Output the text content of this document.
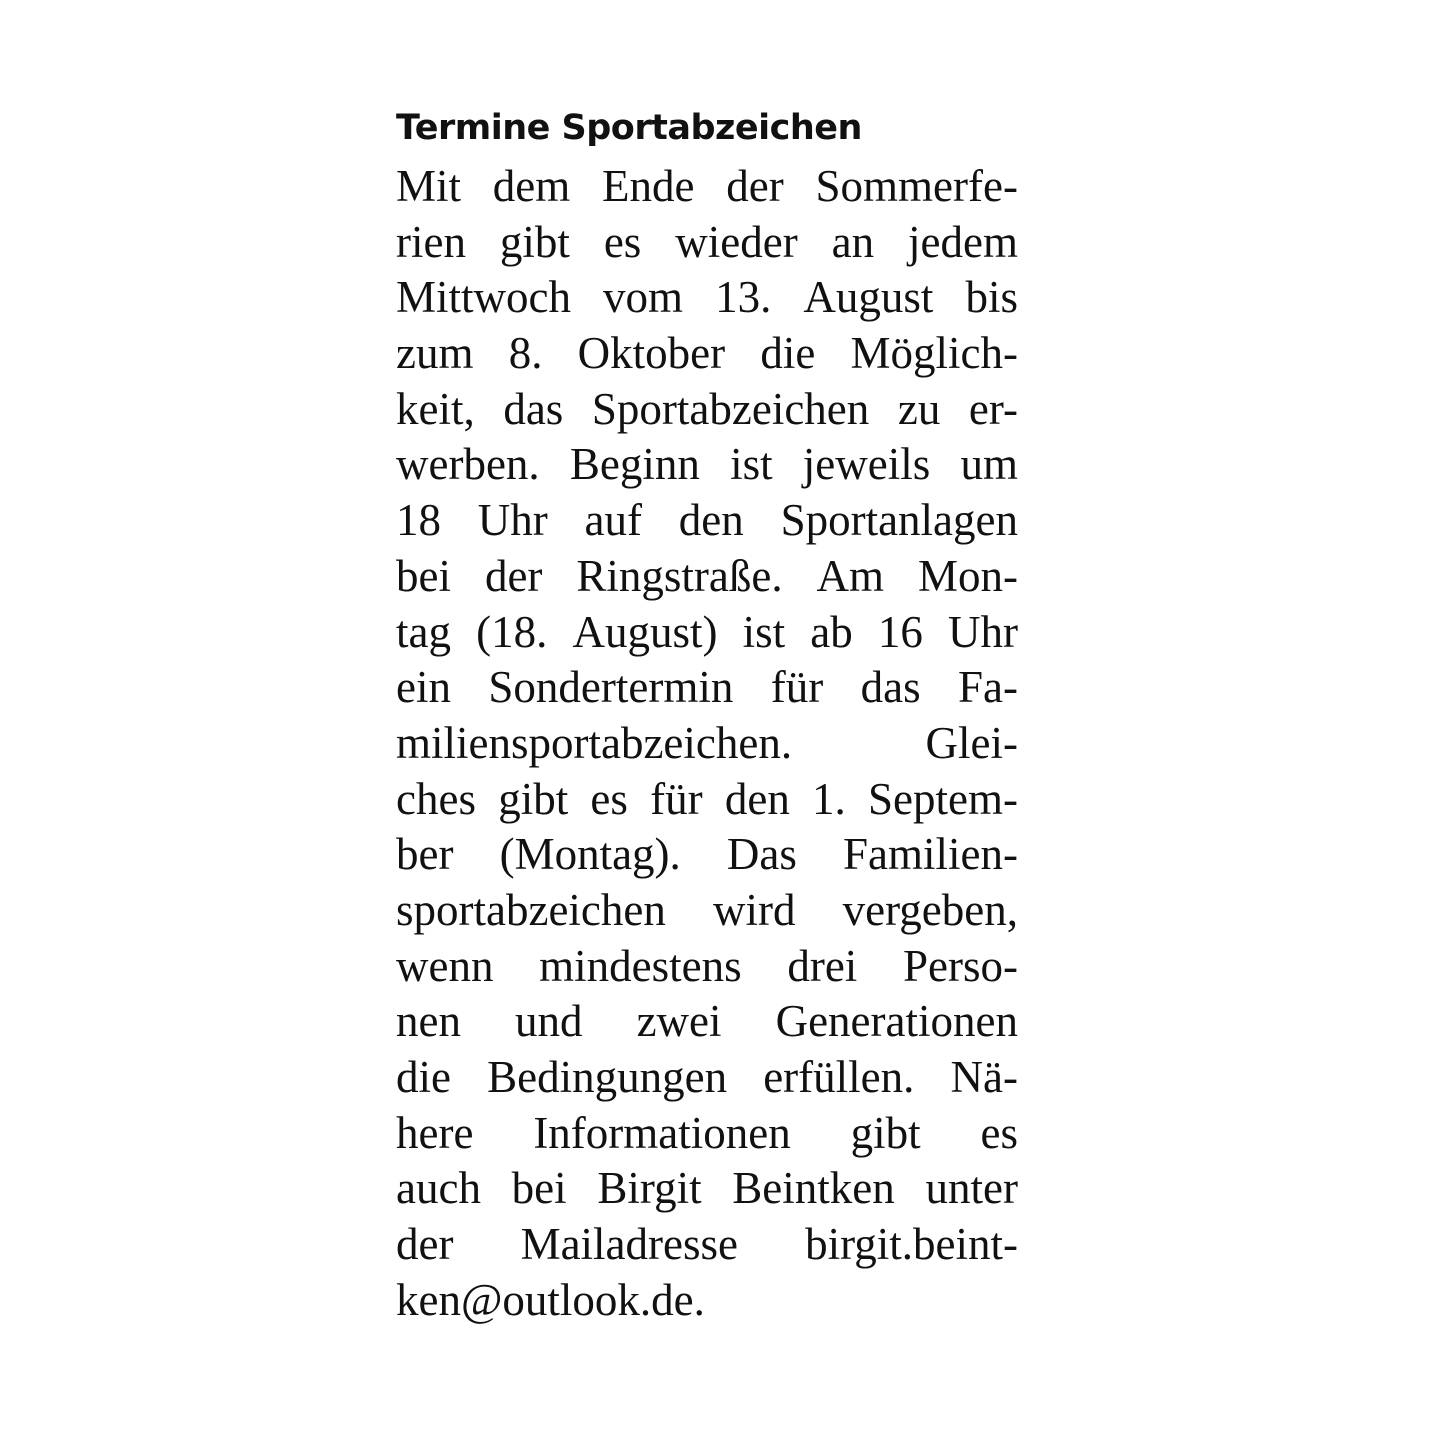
Termine Sportabzeichen
Mit dem Ende der Sommerfe-
rien gibt es wieder an jedem
Mittwoch vom 13. August bis
zum 8. Oktober die Möglich-
keit, das Sportabzeichen zu er-
werben. Beginn ist jeweils um
18 Uhr auf den Sportanlagen
bei der Ringstraße. Am Mon-
tag (18. August) ist ab 16 Uhr
ein Sondertermin für das Fa-
miliensportabzeichen.	Glei-
ches gibt es für den 1. Septem-
ber (Montag). Das Familien-
sportabzeichen wird vergeben,
wenn mindestens drei Perso-
nen und zwei Generationen
die Bedingungen erfüllen. Nä-
here Informationen gibt es
auch bei Birgit Beintken unter
der Mailadresse birgit.beint-
ken@outlook.de.
